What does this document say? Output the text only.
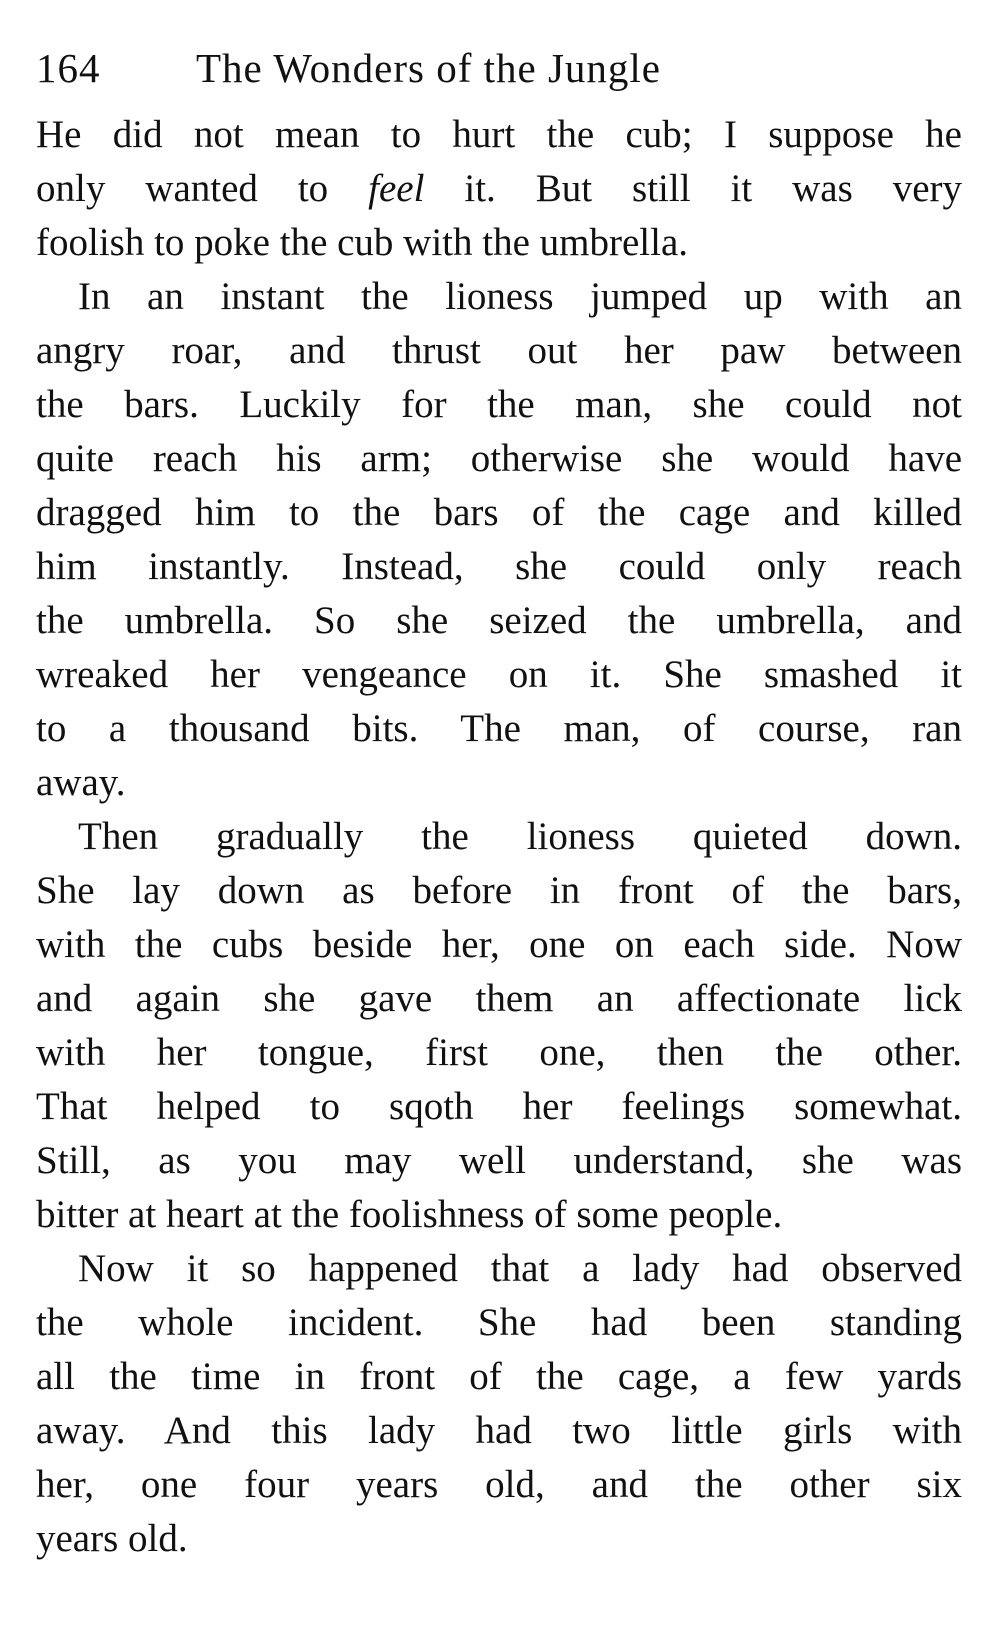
164	The Wonders of the Jungle

He did not mean to hurt the cub; I suppose he
only wanted to feel it. But still it was very
foolish to poke the cub with the umbrella.

In an instant the lioness jumped up with an
angry roar, and thrust out her paw between
the bars. Luckily for the man, she could not
quite reach his arm; otherwise she would have
dragged him to the bars of the cage and killed
him instantly. Instead, she could only reach
the umbrella. So she seized the umbrella, and
wreaked her vengeance on it. She smashed it
to a thousand bits. The man, of course, ran
away.

Then gradually the lioness quieted down.
She lay down as before in front of the bars,
with the cubs beside her, one on each side. Now
and again she gave them an affectionate lick
with her tongue, first one, then the other.
That helped to sqoth her feelings somewhat.
Still, as you may well understand, she was
bitter at heart at the foolishness of some people.

Now it so happened that a lady had observed
the whole incident. She had been standing
all the time in front of the cage, a few yards
away. And this lady had two little girls with
her, one four years old, and the other six
years old.
